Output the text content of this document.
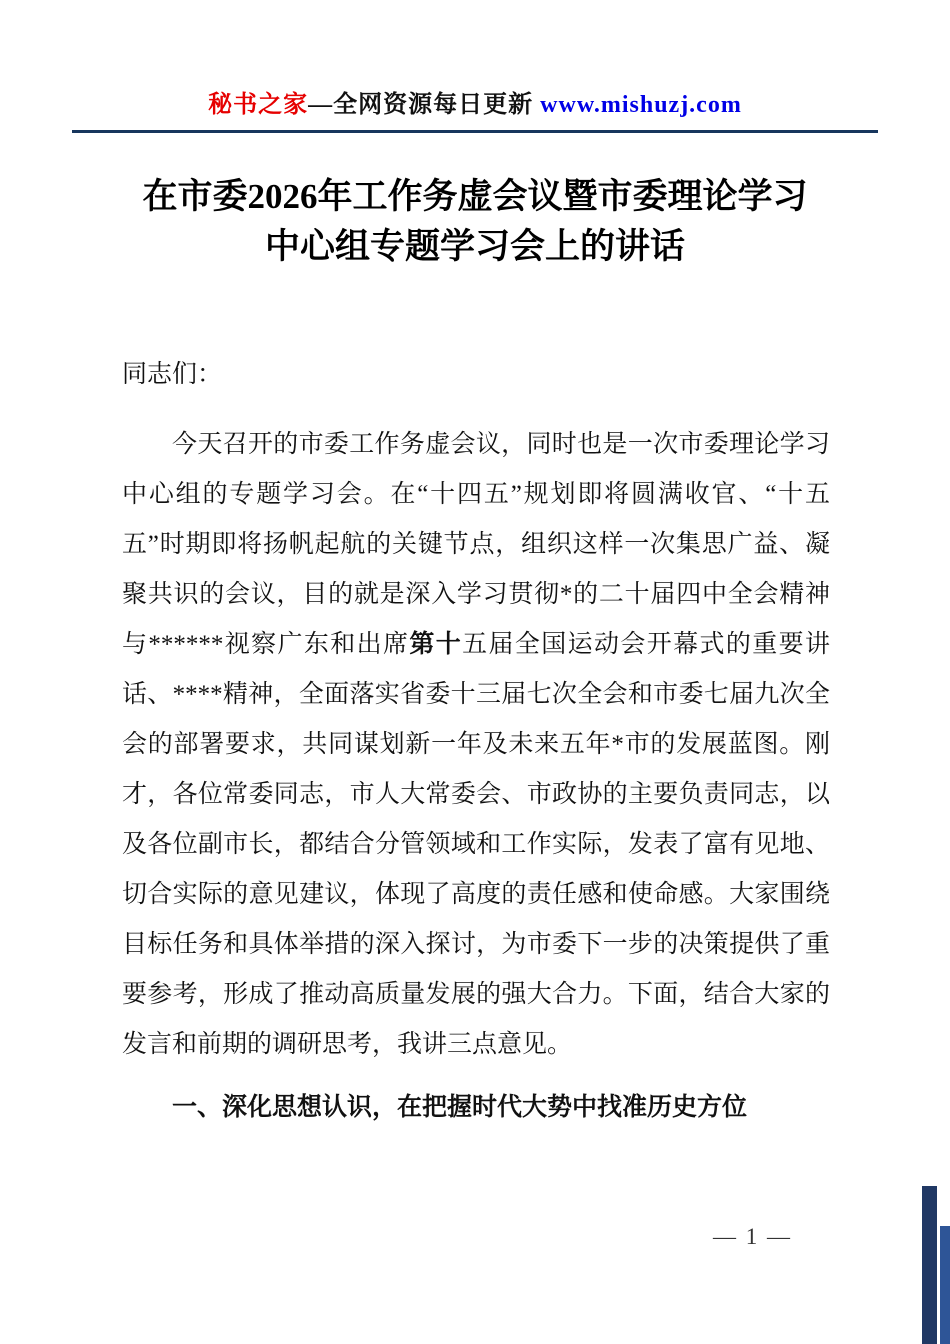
秘书之家—全网资源每日更新 www.mishuzj.com
在市委2026年工作务虚会议暨市委理论学习
中心组专题学习会上的讲话

同志们：

今天召开的市委工作务虚会议，同时也是一次市委理论学习中心组的专题学习会。在“十四五”规划即将圆满收官、“十五五”时期即将扬帆起航的关键节点，组织这样一次集思广益、凝聚共识的会议，目的就是深入学习贯彻*的二十届四中全会精神与******视察广东和出席第十五届全国运动会开幕式的重要讲话、****精神，全面落实省委十三届七次全会和市委七届九次全会的部署要求，共同谋划新一年及未来五年*市的发展蓝图。刚才，各位常委同志，市人大常委会、市政协的主要负责同志，以及各位副市长，都结合分管领域和工作实际，发表了富有见地、切合实际的意见建议，体现了高度的责任感和使命感。大家围绕目标任务和具体举措的深入探讨，为市委下一步的决策提供了重要参考，形成了推动高质量发展的强大合力。下面，结合大家的发言和前期的调研思考，我讲三点意见。

一、深化思想认识，在把握时代大势中找准历史方位

— 1 —
